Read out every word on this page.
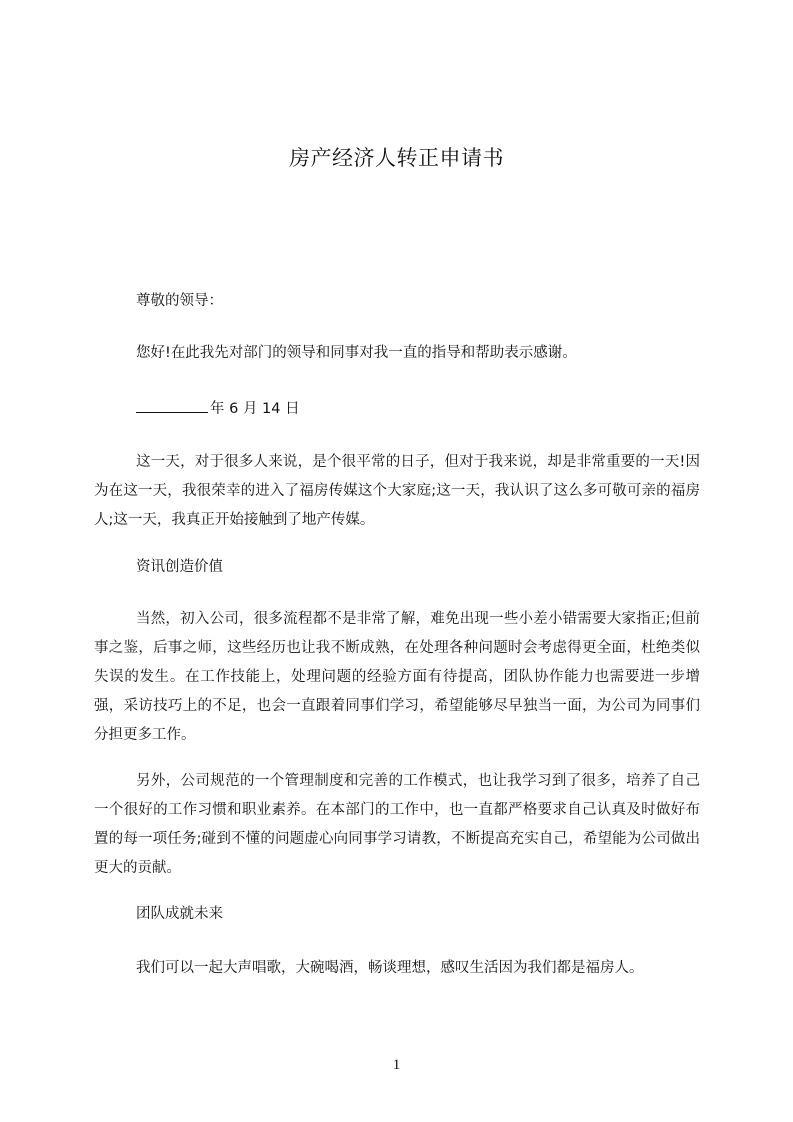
房产经济人转正申请书
尊敬的领导：
您好!在此我先对部门的领导和同事对我一直的指导和帮助表示感谢。
年 6 月 14 日
这一天，对于很多人来说，是个很平常的日子，但对于我来说，却是非常重要的一天!因为在这一天，我很荣幸的进入了福房传媒这个大家庭;这一天，我认识了这么多可敬可亲的福房人;这一天，我真正开始接触到了地产传媒。
资讯创造价值
当然，初入公司，很多流程都不是非常了解，难免出现一些小差小错需要大家指正;但前事之鉴，后事之师，这些经历也让我不断成熟，在处理各种问题时会考虑得更全面，杜绝类似失误的发生。在工作技能上，处理问题的经验方面有待提高，团队协作能力也需要进一步增强，采访技巧上的不足，也会一直跟着同事们学习，希望能够尽早独当一面，为公司为同事们分担更多工作。
另外，公司规范的一个管理制度和完善的工作模式，也让我学习到了很多，培养了自己一个很好的工作习惯和职业素养。在本部门的工作中，也一直都严格要求自己认真及时做好布置的每一项任务;碰到不懂的问题虚心向同事学习请教，不断提高充实自己，希望能为公司做出更大的贡献。
团队成就未来
我们可以一起大声唱歌，大碗喝酒，畅谈理想，感叹生活因为我们都是福房人。
1
